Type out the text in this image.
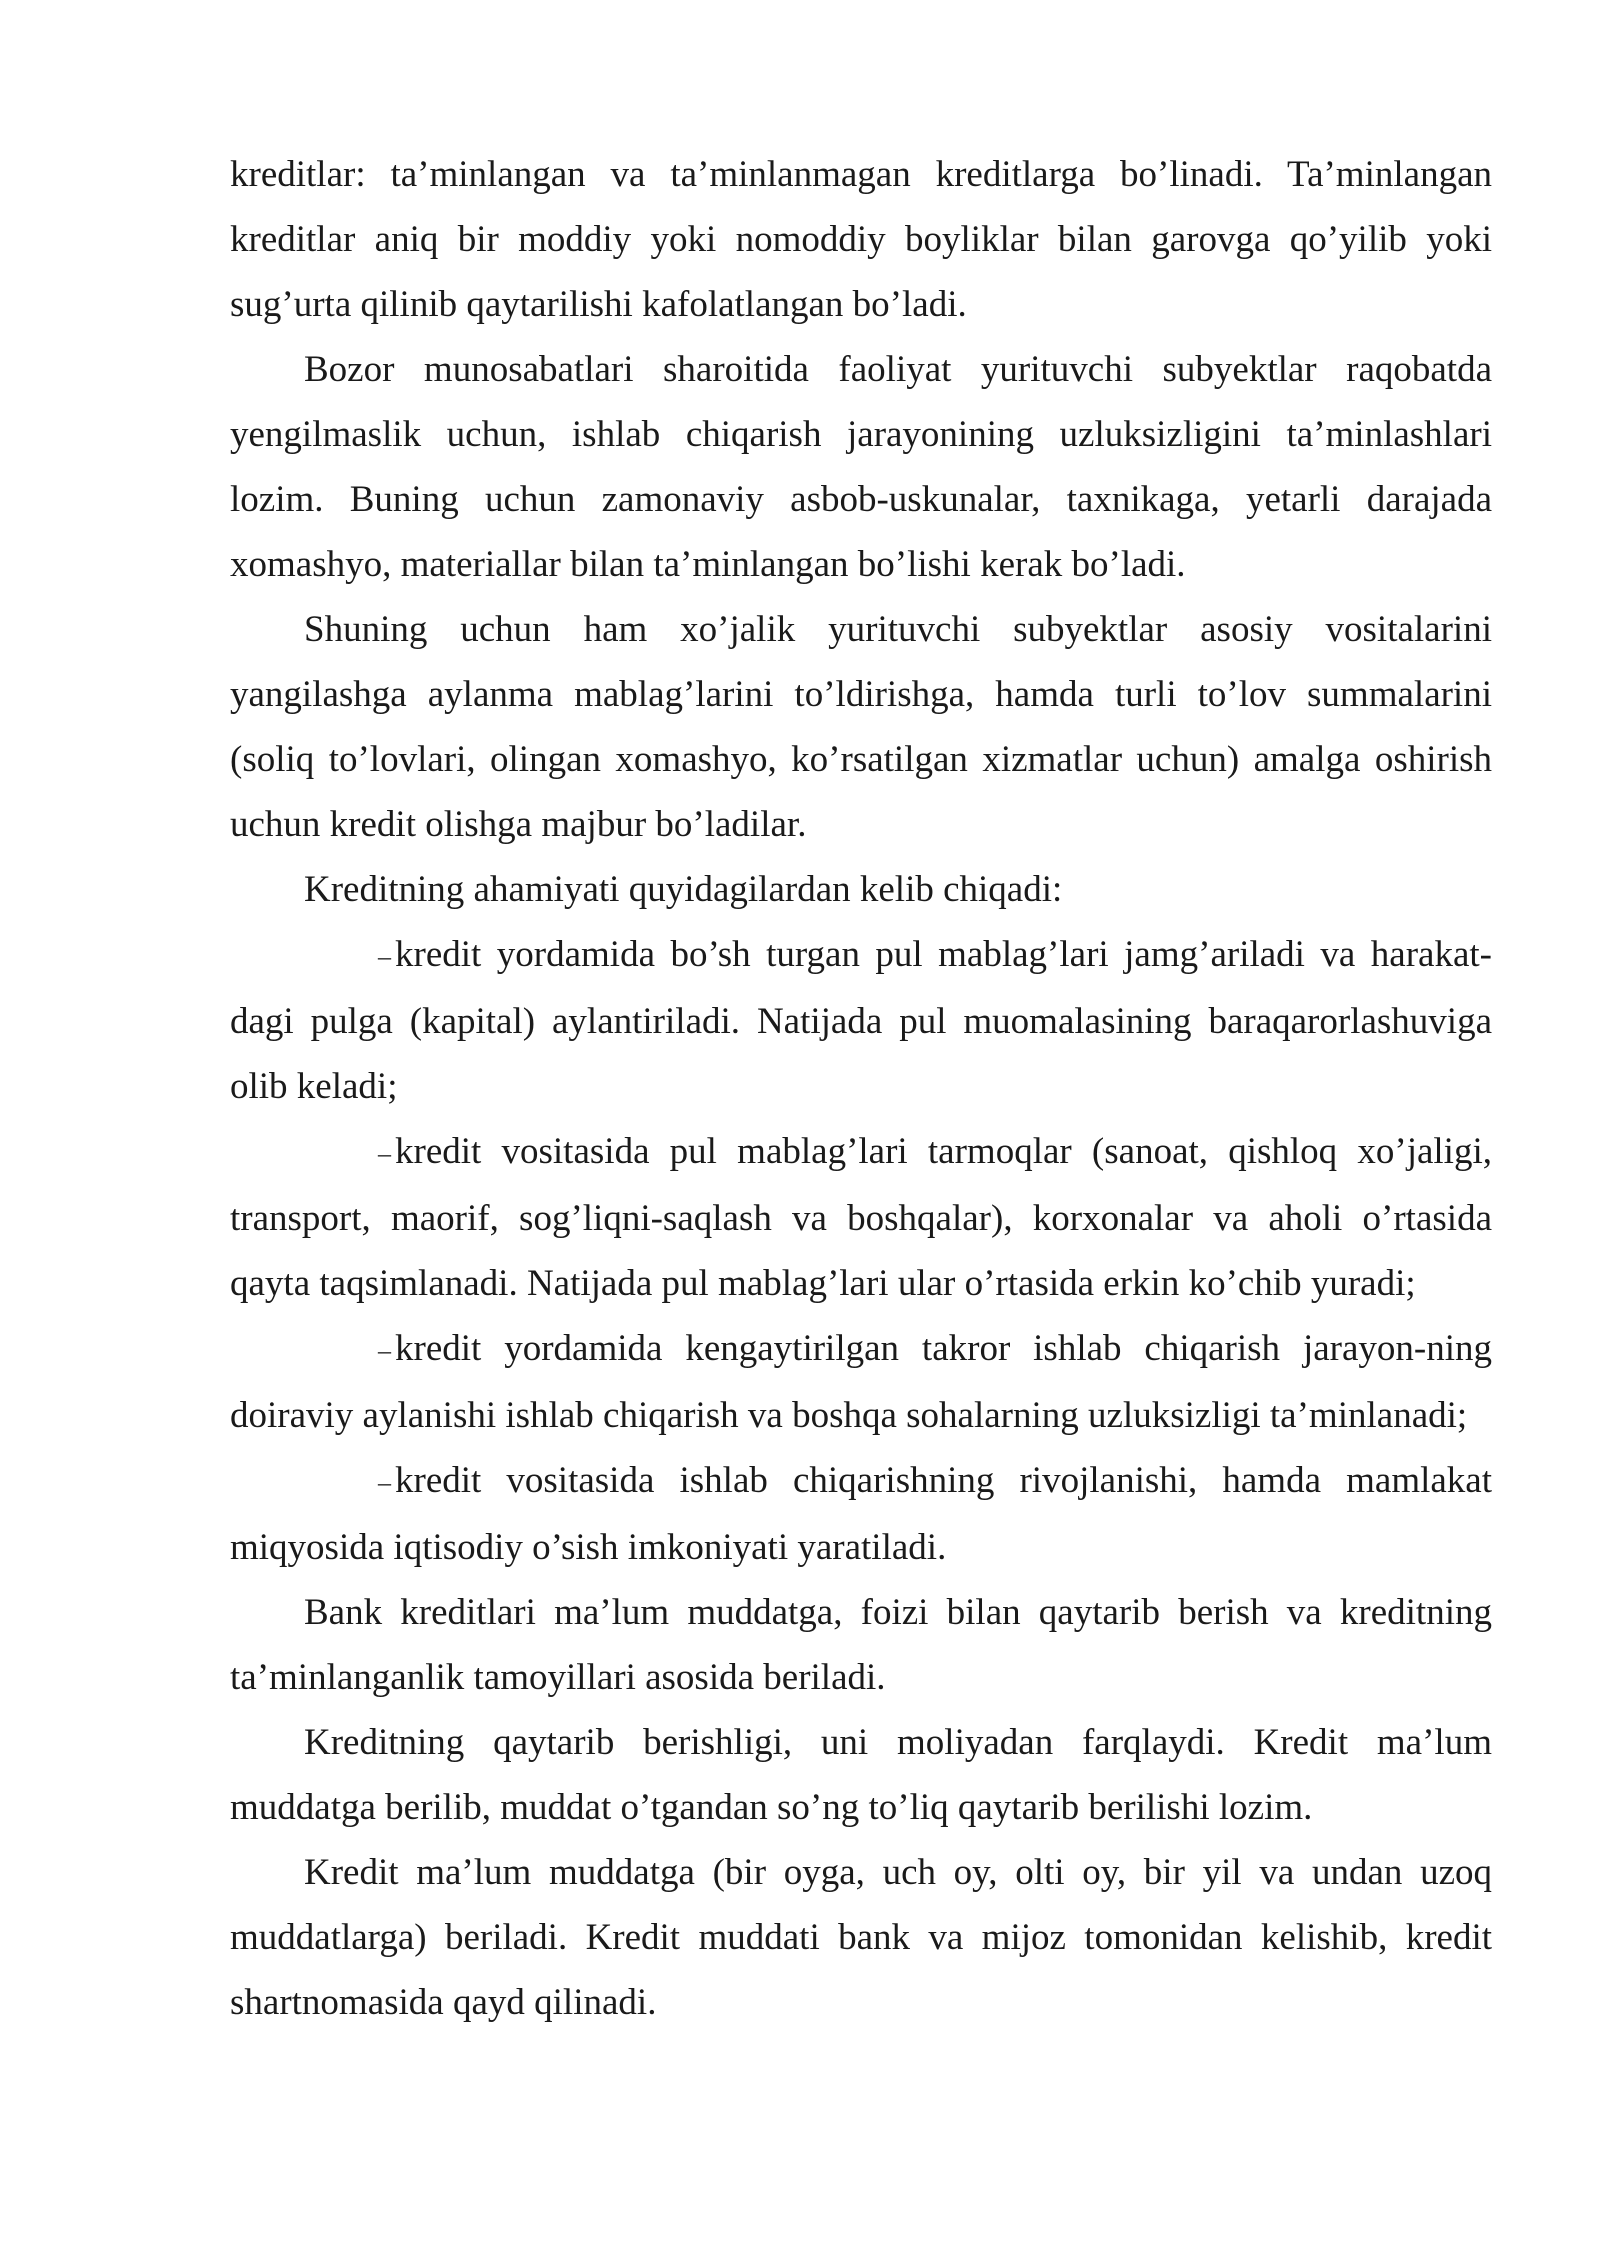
kreditlar: ta’minlangan va ta’minlanmagan kreditlarga bo’linadi. Ta’minlangan kreditlar aniq bir moddiy yoki nomoddiy boyliklar bilan garovga qo’yilib yoki sug’urta qilinib qaytarilishi kafolatlangan bo’ladi.

Bozor munosabatlari sharoitida faoliyat yurituvchi subyektlar raqobatda yengilmaslik uchun, ishlab chiqarish jarayonining uzluksizligini ta’minlashlari lozim. Buning uchun zamonaviy asbob-uskunalar, taxnikaga, yetarli darajada xomashyo, materiallar bilan ta’minlangan bo’lishi kerak bo’ladi.

Shuning uchun ham xo’jalik yurituvchi subyektlar asosiy vositalarini yangilashga aylanma mablag’larini to’ldirishga, hamda turli to’lov summalarini (soliq to’lovlari, olingan xomashyo, ko’rsatilgan xizmatlar uchun) amalga oshirish uchun kredit olishga majbur bo’ladilar.

Kreditning ahamiyati quyidagilardan kelib chiqadi:

– kredit yordamida bo’sh turgan pul mablag’lari jamg’ariladi va harakat-dagi pulga (kapital) aylantiriladi. Natijada pul muomalasining baraqarorlashuviga olib keladi;

– kredit vositasida pul mablag’lari tarmoqlar (sanoat, qishloq xo’jaligi, transport, maorif, sog’liqni-saqlash va boshqalar), korxonalar va aholi o’rtasida qayta taqsimlanadi. Natijada pul mablag’lari ular o’rtasida erkin ko’chib yuradi;

– kredit yordamida kengaytirilgan takror ishlab chiqarish jarayon-ning doiraviy aylanishi ishlab chiqarish va boshqa sohalarning uzluksizligi ta’minlanadi;

– kredit vositasida ishlab chiqarishning rivojlanishi, hamda mamlakat miqyosida iqtisodiy o’sish imkoniyati yaratiladi.

Bank kreditlari ma’lum muddatga, foizi bilan qaytarib berish va kreditning ta’minlanganlik tamoyillari asosida beriladi.

Kreditning qaytarib berishligi, uni moliyadan farqlaydi. Kredit ma’lum muddatga berilib, muddat o’tgandan so’ng to’liq qaytarib berilishi lozim.

Kredit ma’lum muddatga (bir oyga, uch oy, olti oy, bir yil va undan uzoq muddatlarga) beriladi. Kredit muddati bank va mijoz tomonidan kelishib, kredit shartnomasida qayd qilinadi.
